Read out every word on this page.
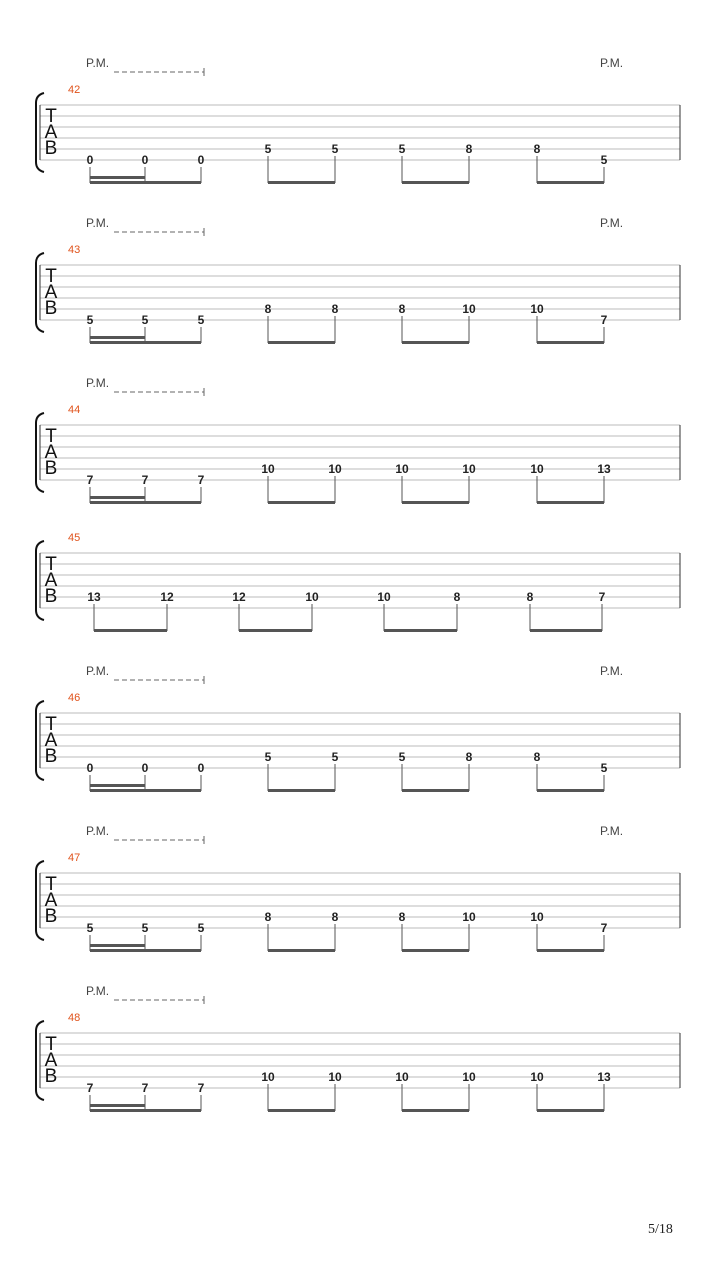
T
A
B
42
P.M.	P.M.
0	0	0
5	5	5	8	8
5
T
A
B
43
P.M.	P.M.
5	5	5
8	8	8	10	10
7
T
A
B
44
P.M.
7	7	7
10	10	10	10	10	13
T
A
B
45
13	12	12	10	10	8	8	7
T
A
B
46
P.M.	P.M.
0	0	0
5	5	5	8	8
5
T
A
B
47
P.M.	P.M.
5	5	5
8	8	8	10	10
7
T
A
B
48
P.M.
7	7	7
10	10	10	10	10	13
5/18
